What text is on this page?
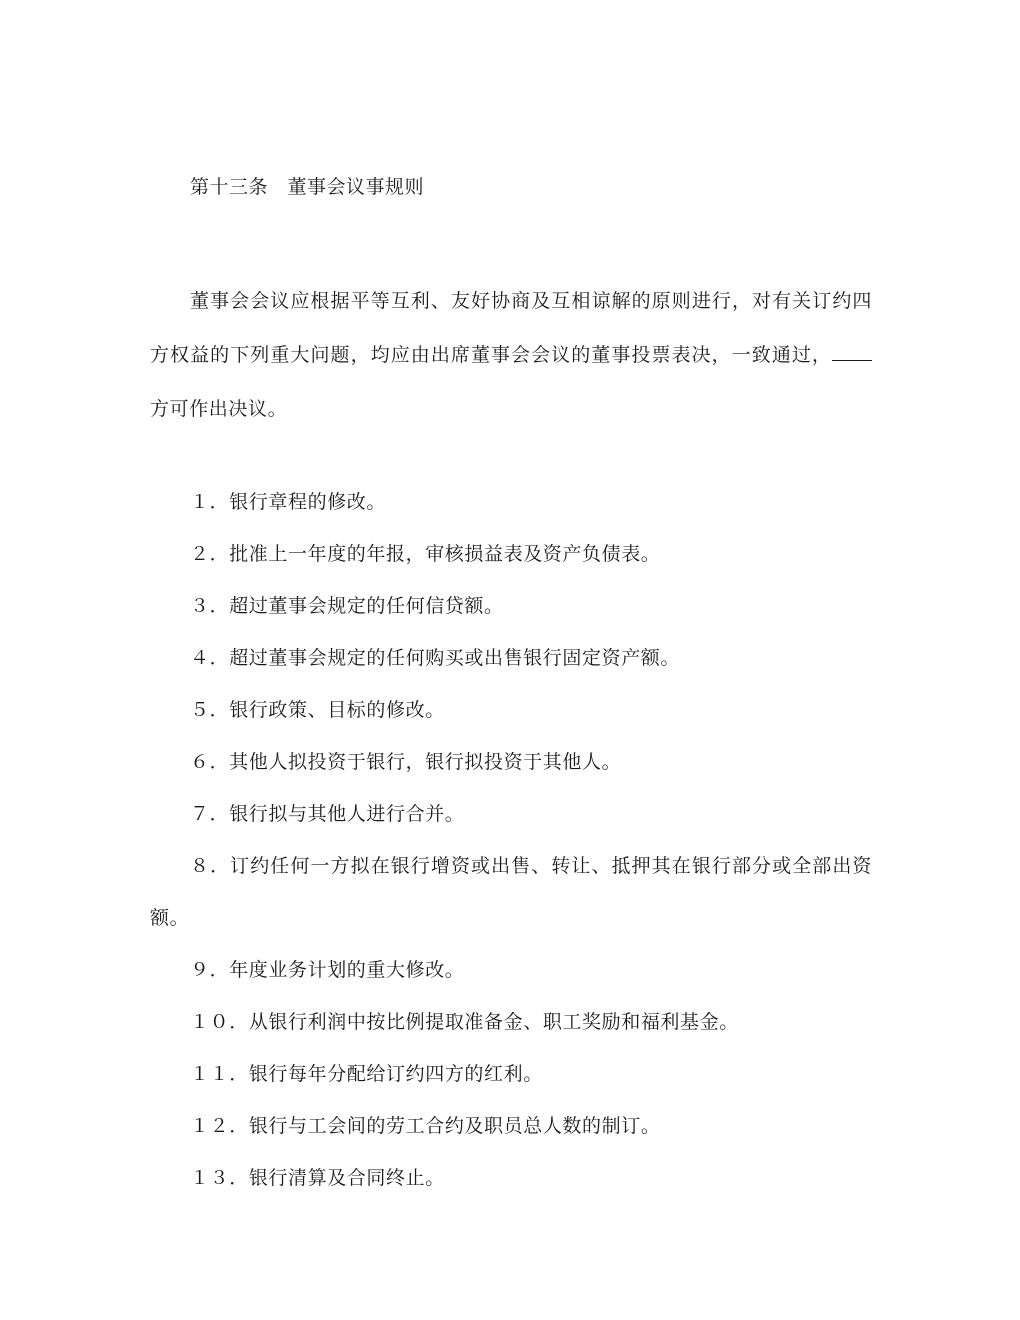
第十三条　董事会议事规则
董事会会议应根据平等互利、友好协商及互相谅解的原则进行，对有关订约四方权益的下列重大问题，均应由出席董事会会议的董事投票表决，一致通过，方可作出决议。
１．银行章程的修改。
２．批准上一年度的年报，审核损益表及资产负债表。
３．超过董事会规定的任何信贷额。
４．超过董事会规定的任何购买或出售银行固定资产额。
５．银行政策、目标的修改。
６．其他人拟投资于银行，银行拟投资于其他人。
７．银行拟与其他人进行合并。
８．订约任何一方拟在银行增资或出售、转让、抵押其在银行部分或全部出资额。
９．年度业务计划的重大修改。
１０．从银行利润中按比例提取准备金、职工奖励和福利基金。
１１．银行每年分配给订约四方的红利。
１２．银行与工会间的劳工合约及职员总人数的制订。
１３．银行清算及合同终止。
